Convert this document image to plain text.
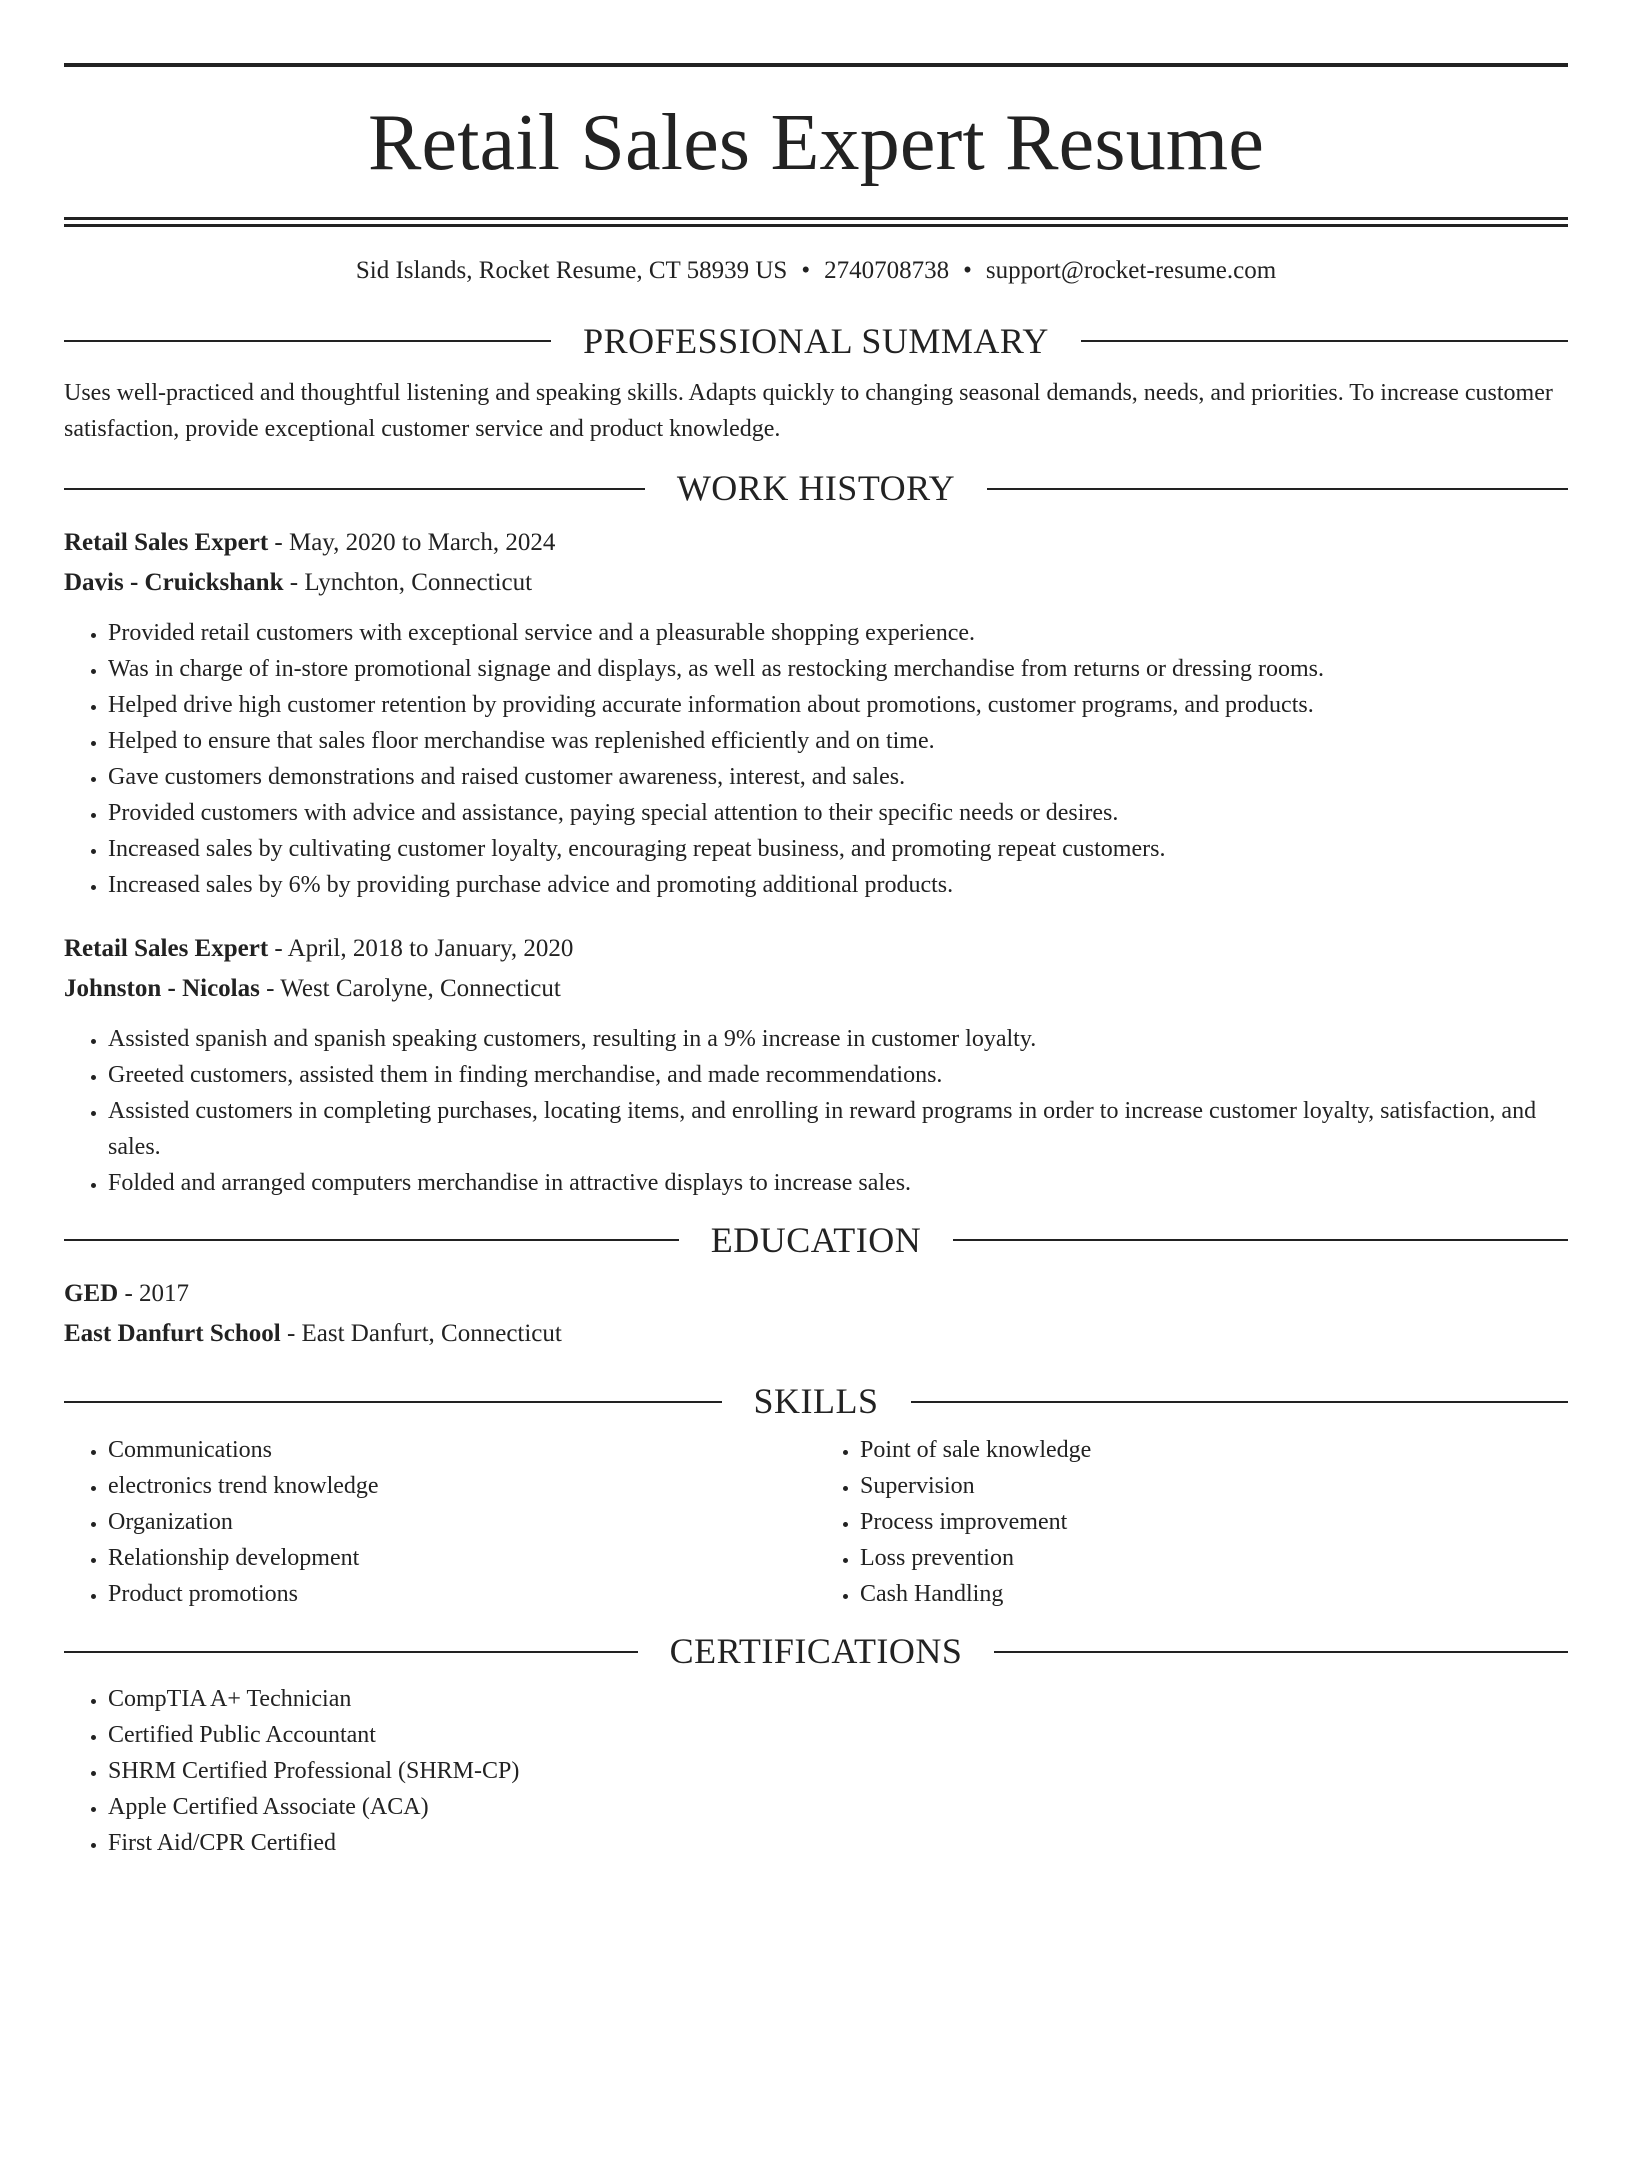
Retail Sales Expert Resume
Sid Islands, Rocket Resume, CT 58939 US • 2740708738 • support@rocket-resume.com
PROFESSIONAL SUMMARY

Uses well-practiced and thoughtful listening and speaking skills. Adapts quickly to changing seasonal demands, needs, and priorities. To increase customer satisfaction, provide exceptional customer service and product knowledge.

WORK HISTORY
Retail Sales Expert - May, 2020 to March, 2024
Davis - Cruickshank - Lynchton, Connecticut
• Provided retail customers with exceptional service and a pleasurable shopping experience.
• Was in charge of in-store promotional signage and displays, as well as restocking merchandise from returns or dressing rooms.
• Helped drive high customer retention by providing accurate information about promotions, customer programs, and products.
• Helped to ensure that sales floor merchandise was replenished efficiently and on time.
• Gave customers demonstrations and raised customer awareness, interest, and sales.
• Provided customers with advice and assistance, paying special attention to their specific needs or desires.
• Increased sales by cultivating customer loyalty, encouraging repeat business, and promoting repeat customers.
• Increased sales by 6% by providing purchase advice and promoting additional products.
Retail Sales Expert - April, 2018 to January, 2020
Johnston - Nicolas - West Carolyne, Connecticut
• Assisted spanish and spanish speaking customers, resulting in a 9% increase in customer loyalty.
• Greeted customers, assisted them in finding merchandise, and made recommendations.
• Assisted customers in completing purchases, locating items, and enrolling in reward programs in order to increase customer loyalty, satisfaction, and sales.
• Folded and arranged computers merchandise in attractive displays to increase sales.
EDUCATION
GED - 2017
East Danfurt School - East Danfurt, Connecticut
SKILLS
• Communications
• electronics trend knowledge
• Organization
• Relationship development
• Product promotions
• Point of sale knowledge
• Supervision
• Process improvement
• Loss prevention
• Cash Handling
CERTIFICATIONS
• CompTIA A+ Technician
• Certified Public Accountant
• SHRM Certified Professional (SHRM-CP)
• Apple Certified Associate (ACA)
• First Aid/CPR Certified
